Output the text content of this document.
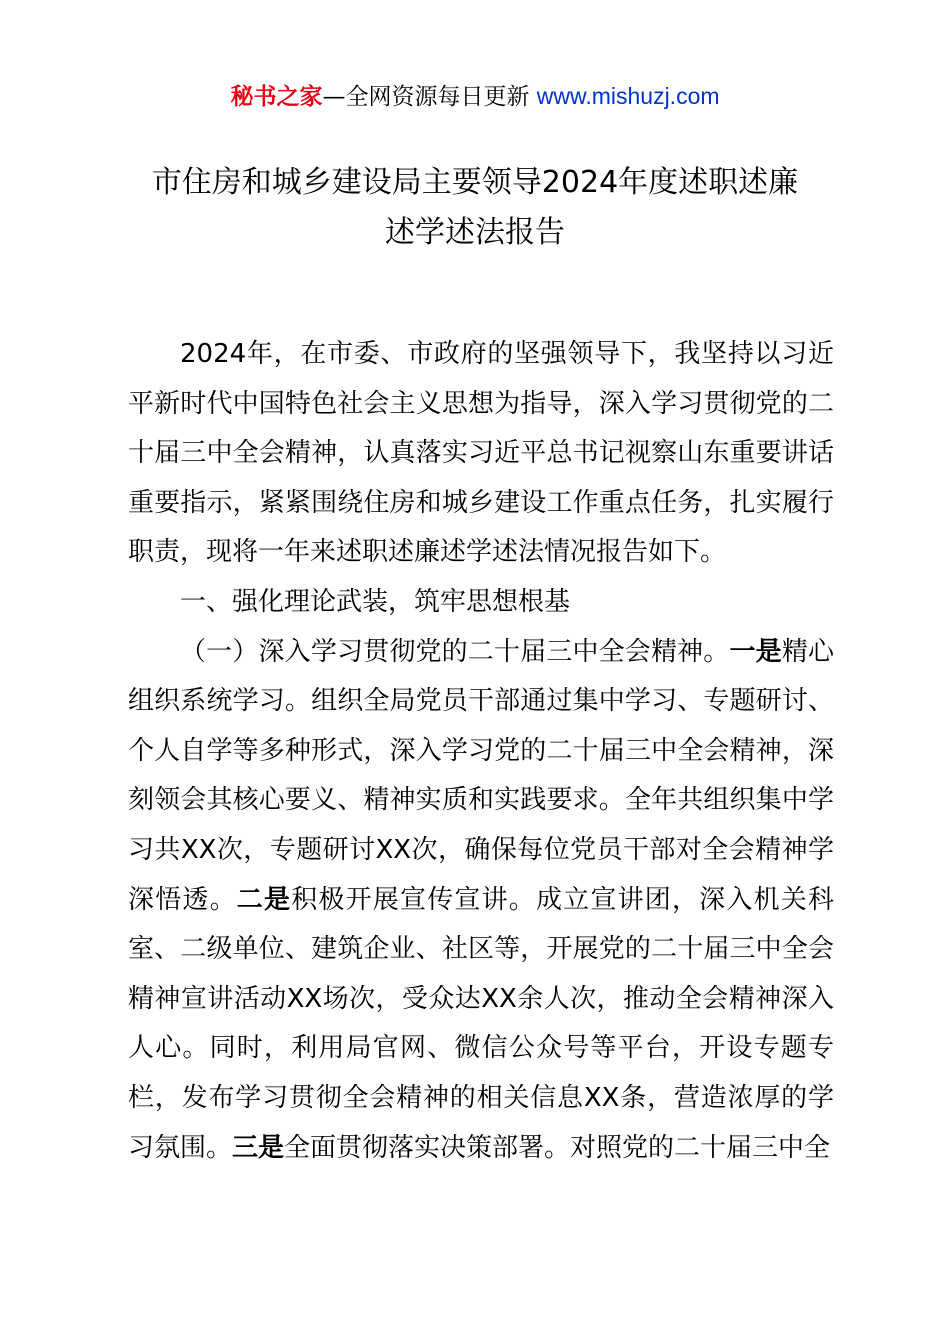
秘书之家—全网资源每日更新 www.mishuzj.com
市住房和城乡建设局主要领导2024年度述职述廉
述学述法报告

2024年，在市委、市政府的坚强领导下，我坚持以习近平新时代中国特色社会主义思想为指导，深入学习贯彻党的二十届三中全会精神，认真落实习近平总书记视察山东重要讲话重要指示，紧紧围绕住房和城乡建设工作重点任务，扎实履行职责，现将一年来述职述廉述学述法情况报告如下。

一、强化理论武装，筑牢思想根基

（一）深入学习贯彻党的二十届三中全会精神。一是精心组织系统学习。组织全局党员干部通过集中学习、专题研讨、个人自学等多种形式，深入学习党的二十届三中全会精神，深刻领会其核心要义、精神实质和实践要求。全年共组织集中学习共XX次，专题研讨XX次，确保每位党员干部对全会精神学深悟透。二是积极开展宣传宣讲。成立宣讲团，深入机关科室、二级单位、建筑企业、社区等，开展党的二十届三中全会精神宣讲活动XX场次，受众达XX余人次，推动全会精神深入人心。同时，利用局官网、微信公众号等平台，开设专题专栏，发布学习贯彻全会精神的相关信息XX条，营造浓厚的学习氛围。三是全面贯彻落实决策部署。对照党的二十届三中全
